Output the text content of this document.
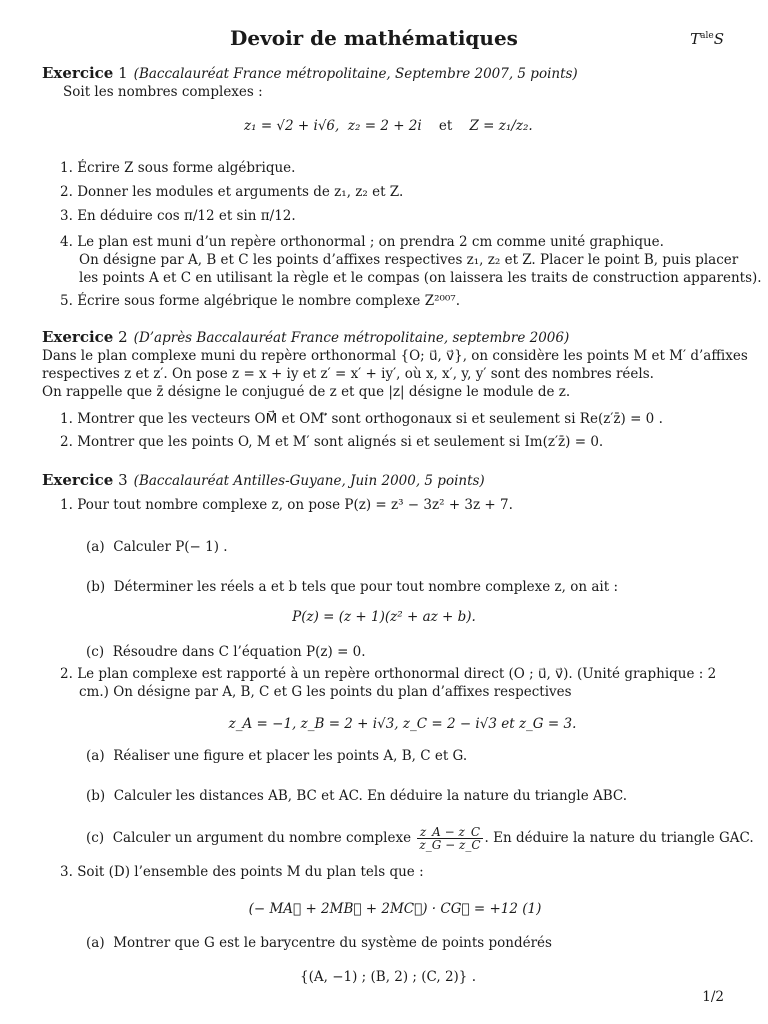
Devoir de mathématiques	$T^{ale}S$
Exercice 1 (Baccalauréat France métropolitaine, Septembre 2007, 5 points)
Soit les nombres complexes :
z₁ = √2 + i√6, z₂ = 2 + 2i et Z = z₁/z₂.
1. Écrire Z sous forme algébrique.
2. Donner les modules et arguments de z₁, z₂ et Z.
3. En déduire cos π/12 et sin π/12.
4. Le plan est muni d’un repère orthonormal ; on prendra 2 cm comme unité graphique.
On désigne par A, B et C les points d’affixes respectives z₁, z₂ et Z. Placer le point B, puis placer
les points A et C en utilisant la règle et le compas (on laissera les traits de construction apparents).
5. Écrire sous forme algébrique le nombre complexe Z²⁰⁰⁷.
Exercice 2 (D’après Baccalauréat France métropolitaine, septembre 2006)
Dans le plan complexe muni du repère orthonormal {O; u⃗, v⃗}, on considère les points M et M′ d’affixes
respectives z et z′. On pose z = x + iy et z′ = x′ + iy′, où x, x′, y, y′ sont des nombres réels.
On rappelle que z̄ désigne le conjugué de z et que |z| désigne le module de z.
1. Montrer que les vecteurs OM⃗ et OM′⃗ sont orthogonaux si et seulement si Re(z′z̄) = 0 .
2. Montrer que les points O, M et M′ sont alignés si et seulement si Im(z′z̄) = 0.
Exercice 3 (Baccalauréat Antilles-Guyane, Juin 2000, 5 points)
1. Pour tout nombre complexe z, on pose P(z) = z³ − 3z² + 3z + 7.
(a) Calculer P(− 1) .
(b) Déterminer les réels a et b tels que pour tout nombre complexe z, on ait :
P(z) = (z + 1)(z² + az + b).
(c) Résoudre dans C l’équation P(z) = 0.
2. Le plan complexe est rapporté à un repère orthonormal direct (O ; u⃗, v⃗). (Unité graphique : 2
cm.) On désigne par A, B, C et G les points du plan d’affixes respectives
z_A = −1, z_B = 2 + i√3, z_C = 2 − i√3 et z_G = 3.
(a) Réaliser une figure et placer les points A, B, C et G.
(b) Calculer les distances AB, BC et AC. En déduire la nature du triangle ABC.
(c) Calculer un argument du nombre complexe $\frac{z\_A - z\_C}{z\_G - z\_C}$ . En déduire la nature du triangle GAC.
3. Soit (D) l’ensemble des points M du plan tels que :
(− MA⃗ + 2MB⃗ + 2MC⃗) · CG⃗ = +12 (1)
(a) Montrer que G est le barycentre du système de points pondérés
{(A, −1) ; (B, 2) ; (C, 2)} .
1/2
